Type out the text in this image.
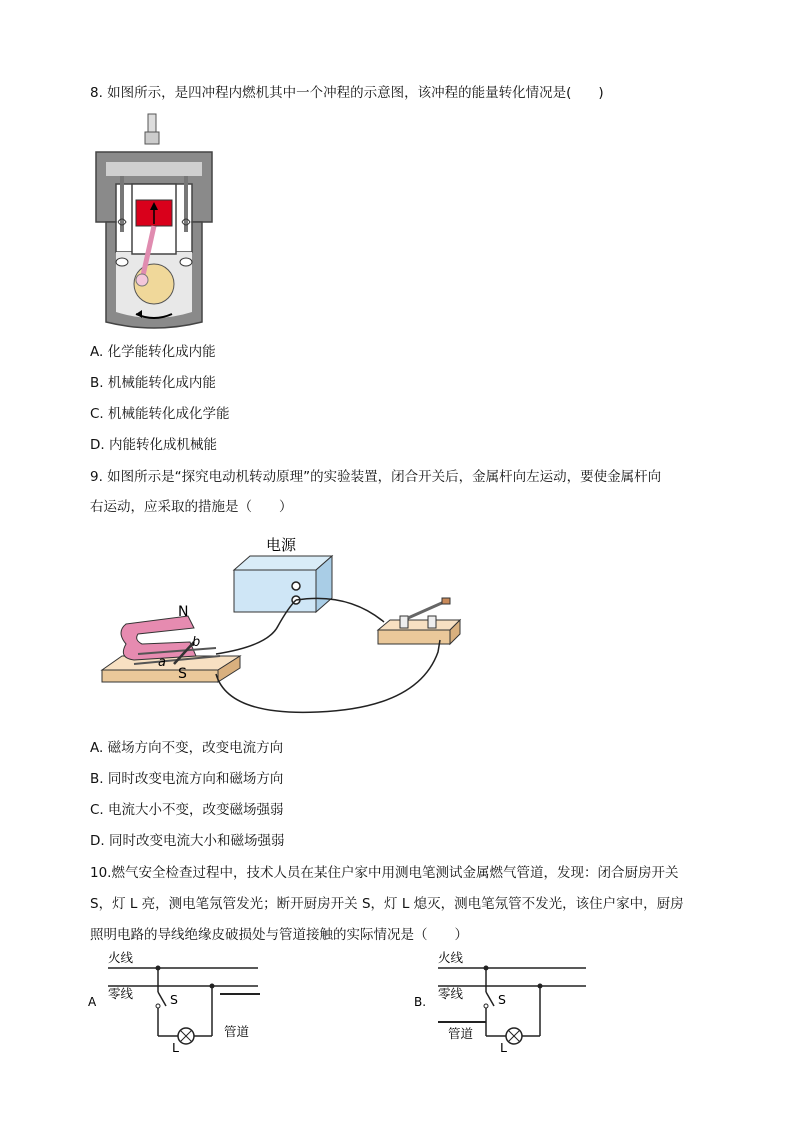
8. 如图所示，是四冲程内燃机其中一个冲程的示意图，该冲程的能量转化情况是(　　)
A. 化学能转化成内能
B. 机械能转化成内能
C. 机械能转化成化学能
D. 内能转化成机械能
9. 如图所示是“探究电动机转动原理”的实验装置，闭合开关后，金属杆向左运动，要使金属杆向
右运动，应采取的措施是（　　）
电源
N
S
a
b
A. 磁场方向不变，改变电流方向
B. 同时改变电流方向和磁场方向
C. 电流大小不变，改变磁场强弱
D. 同时改变电流大小和磁场强弱
10.燃气安全检查过程中，技术人员在某住户家中用测电笔测试金属燃气管道，发现：闭合厨房开关
S，灯 L 亮，测电笔氖管发光；断开厨房开关 S，灯 L 熄灭，测电笔氖管不发光，该住户家中，厨房
照明电路的导线绝缘皮破损处与管道接触的实际情况是（　　）
A
火线
零线	S
L
管道
B.
火线
零线	S
管道
L
